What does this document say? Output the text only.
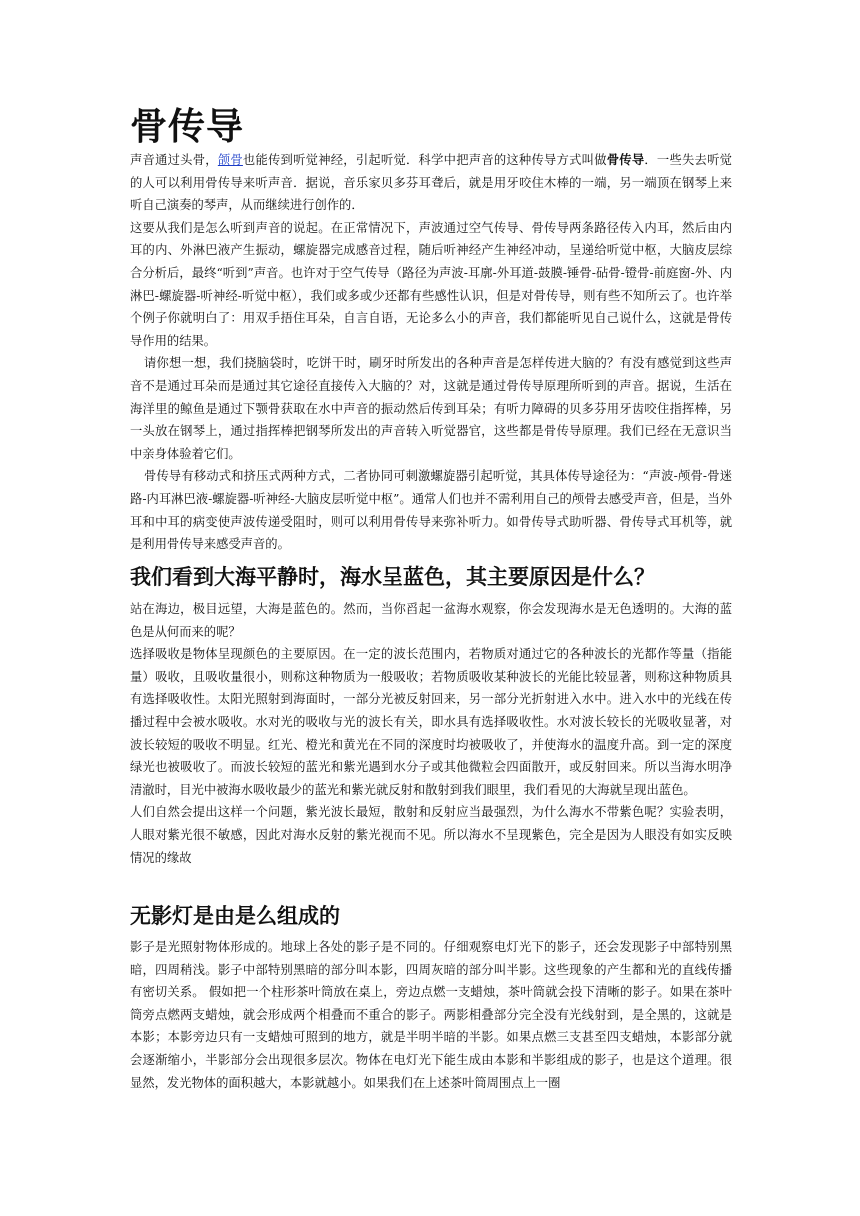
骨传导

声音通过头骨，颌骨也能传到听觉神经，引起听觉．科学中把声音的这种传导方式叫做骨传导．一些失去听觉的人可以利用骨传导来听声音．据说，音乐家贝多芬耳聋后，就是用牙咬住木棒的一端，另一端顶在钢琴上来听自己演奏的琴声，从而继续进行创作的．

这要从我们是怎么听到声音的说起。在正常情况下，声波通过空气传导、骨传导两条路径传入内耳，然后由内耳的内、外淋巴液产生振动，螺旋器完成感音过程，随后听神经产生神经冲动，呈递给听觉中枢，大脑皮层综合分析后，最终“听到”声音。也许对于空气传导（路径为声波-耳廓-外耳道-鼓膜-锤骨-砧骨-镫骨-前庭窗-外、内淋巴-螺旋器-听神经-听觉中枢），我们或多或少还都有些感性认识，但是对骨传导，则有些不知所云了。也许举个例子你就明白了：用双手捂住耳朵，自言自语，无论多么小的声音，我们都能听见自己说什么，这就是骨传导作用的结果。

请你想一想，我们挠脑袋时，吃饼干时，刷牙时所发出的各种声音是怎样传进大脑的？有没有感觉到这些声音不是通过耳朵而是通过其它途径直接传入大脑的？对，这就是通过骨传导原理所听到的声音。据说，生活在海洋里的鲸鱼是通过下颚骨获取在水中声音的振动然后传到耳朵；有听力障碍的贝多芬用牙齿咬住指挥棒，另一头放在钢琴上，通过指挥棒把钢琴所发出的声音转入听觉器官，这些都是骨传导原理。我们已经在无意识当中亲身体验着它们。

骨传导有移动式和挤压式两种方式，二者协同可刺激螺旋器引起听觉，其具体传导途径为：“声波-颅骨-骨迷路-内耳淋巴液-螺旋器-听神经-大脑皮层听觉中枢”。通常人们也并不需利用自己的颅骨去感受声音，但是，当外耳和中耳的病变使声波传递受阻时，则可以利用骨传导来弥补听力。如骨传导式助听器、骨传导式耳机等，就是利用骨传导来感受声音的。

我们看到大海平静时，海水呈蓝色，其主要原因是什么？

站在海边，极目远望，大海是蓝色的。然而，当你舀起一盆海水观察，你会发现海水是无色透明的。大海的蓝色是从何而来的呢？

选择吸收是物体呈现颜色的主要原因。在一定的波长范围内，若物质对通过它的各种波长的光都作等量（指能量）吸收，且吸收量很小，则称这种物质为一般吸收；若物质吸收某种波长的光能比较显著，则称这种物质具有选择吸收性。太阳光照射到海面时，一部分光被反射回来，另一部分光折射进入水中。进入水中的光线在传播过程中会被水吸收。水对光的吸收与光的波长有关，即水具有选择吸收性。水对波长较长的光吸收显著，对波长较短的吸收不明显。红光、橙光和黄光在不同的深度时均被吸收了，并使海水的温度升高。到一定的深度绿光也被吸收了。而波长较短的蓝光和紫光遇到水分子或其他微粒会四面散开，或反射回来。所以当海水明净清澈时，目光中被海水吸收最少的蓝光和紫光就反射和散射到我们眼里，我们看见的大海就呈现出蓝色。

人们自然会提出这样一个问题，紫光波长最短，散射和反射应当最强烈，为什么海水不带紫色呢？实验表明，人眼对紫光很不敏感，因此对海水反射的紫光视而不见。所以海水不呈现紫色，完全是因为人眼没有如实反映情况的缘故

无影灯是由是么组成的

影子是光照射物体形成的。地球上各处的影子是不同的。仔细观察电灯光下的影子，还会发现影子中部特别黑暗，四周稍浅。影子中部特别黑暗的部分叫本影，四周灰暗的部分叫半影。这些现象的产生都和光的直线传播有密切关系。 假如把一个柱形茶叶筒放在桌上，旁边点燃一支蜡烛，茶叶筒就会投下清晰的影子。如果在茶叶筒旁点燃两支蜡烛，就会形成两个相叠而不重合的影子。两影相叠部分完全没有光线射到，是全黑的，这就是本影；本影旁边只有一支蜡烛可照到的地方，就是半明半暗的半影。如果点燃三支甚至四支蜡烛，本影部分就会逐渐缩小，半影部分会出现很多层次。物体在电灯光下能生成由本影和半影组成的影子，也是这个道理。很显然，发光物体的面积越大，本影就越小。如果我们在上述茶叶筒周围点上一圈
